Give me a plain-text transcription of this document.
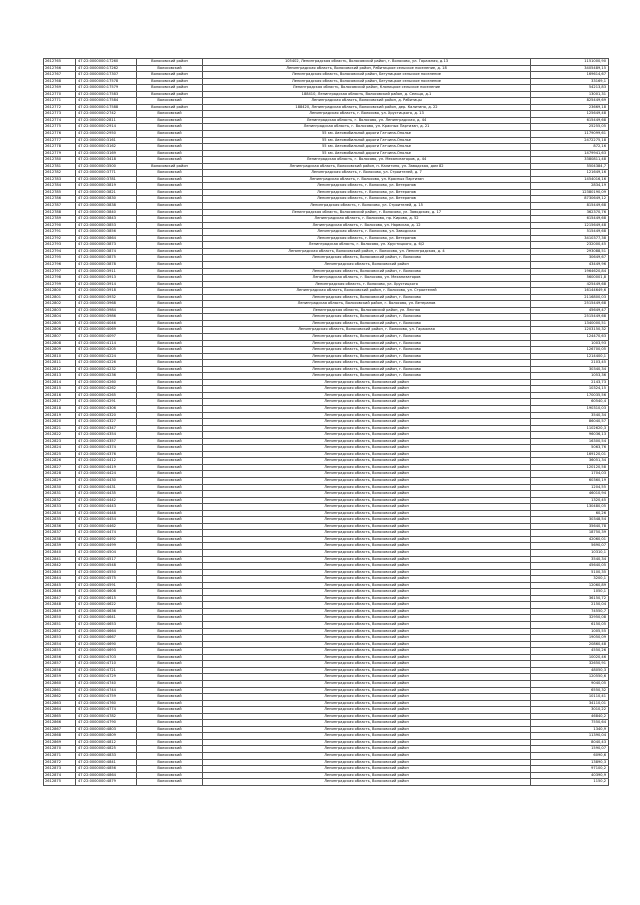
2612765	47:22:0000000:17260	Волосовский район	105402, Ленинградская область, Волосовский район, г. Волосово, ул. Гаражная, д.13	1151000,90
2612766	47:22:0000000:17262	Волосовский	Ленинградская область, Волосовский район, Рабитицкое сельское поселение, д. 18	3405489,15
2612767	47:22:0000000:17307	Волосовский район	Ленинградская область, Волосовский район, Бегуницкое сельское поселение	169614,67
2612768	47:22:0000000:17578	Волосовский район	Ленинградская область, Волосовский район, Бегуницкое сельское поселение	33169,1
2612769	47:22:0000000:17579	Волосовский район	Ленинградская область, Волосовский район, Клопицкое сельское поселение	54213,83
2612770	47:22:0000000:17583	Волосовский район	188410, Ленинградская область, Волосовский район, д. Сельцо, д.1	13001,31
2612771	47:22:0000000:17584	Волосовский	Ленинградская область, Волосовский район, д. Рабитицы	825449,69
2612772	47:22:0000000:17588	Волосовский район	188420, Ленинградская область, Волосовский район, дер. Калитино, д. 22	23669,18
2612773	47:22:0000000:2742	Волосовский	Ленинградская область, г. Волосово, ул. Хрустицкого, д. 13	125649,48
2612774	47:22:0000000:2811	Волосовский	Ленинградская область, г. Волосово, ул. Ленинградская, д. 44	615449,68
2612775	47:22:0000000:2914	Волосовский	Ленинградская область, г. Волосово, ул. Красных Партизан, д. 21	25255,05
2612776	47:22:0000000:2950	Волосовский	55 км. Автомобильной дороги Гатчина-Ополье	1179099,61
2612777	47:22:0000000:3161	Волосовский	55 км. Автомобильной дороги Гатчина-Ополье	2472275,18
2612778	47:22:0000000:3162	Волосовский	55 км. Автомобильной дороги Гатчина-Ополье	872,16
2612779	47:22:0000000:3169	Волосовский	55 км. Автомобильной дороги Гатчина-Ополье	1479941,63
2612780	47:22:0000000:3418	Волосовский	Ленинградская область, г. Волосово, ул. Механизаторов, д. 44	3380811,48
2612781	47:22:0000000:3500	Волосовский район	Ленинградская область, Волосовский район, п. Калитино, ул. Заводская, дом 82	5504384,7
2612782	47:22:0000000:3771	Волосовский	Ленинградская область, г. Волосово, ул. Строителей, д. 7	121649,16
2612783	47:22:0000000:3781	Волосовский	Ленинградская область, г. Волосово, ул. Красных Партизан	1454016,16
2612784	47:22:0000000:3819	Волосовский	Ленинградская область, г. Волосово, ул. Ветеранов	2834,19
2612785	47:22:0000000:3821	Волосовский	Ленинградская область, г. Волосово, ул. Ветеранов	12380190,09
2612786	47:22:0000000:3830	Волосовский	Ленинградская область, г. Волосово, ул. Ветеранов	8730649,12
2612787	47:22:0000000:3838	Волосовский	Ленинградская область, г. Волосово, ул. Строителей, д. 15	815449,68
2612788	47:22:0000000:3840	Волосовский	Ленинградская область, Волосовский район, г. Волосово, ул. Заводская, д. 17	362370,76
2612789	47:22:0000000:3843	Волосовский	Ленинградская область, г. Волосово, пр. Кирова, д. 52	615449,68
2612790	47:22:0000000:3853	Волосовский	Ленинградская область, г. Волосово, ул. Нарвская, д. 12	1215649,48
2612791	47:22:0000000:3856	Волосовский	Ленинградская область, г. Волосово, ул. Заводская	515449,68
2612792	47:22:0000000:3864	Волосовский	Ленинградская область, г. Волосово, ул. Ветеранов	3410377,38
2612793	47:22:0000000:3873	Волосовский	Ленинградская область, г. Волосово, ул. Хрустицкого, д. 6/2	232000,45
2612794	47:22:0000000:3874	Волосовский	Ленинградская область, Волосовский район, г. Волосово, ул. Ленинградская, д. 4	293088,51
2612795	47:22:0000000:3875	Волосовский	Ленинградская область, Волосовский район, г. Волосово	30649,67
2612796	47:22:0000000:3878	Волосовский	Ленинградская область, Волосовский район	43449,96
2612797	47:22:0000000:3911	Волосовский	Ленинградская область, Волосовский район, г. Волосово	1964620,84
2612798	47:22:0000000:3913	Волосовский	Ленинградская область, г. Волосово, ул. Механизаторов	5600001,8
2612799	47:22:0000000:3914	Волосовский	Ленинградская область, г. Волосово, ул. Хрустицкого	425449,68
2612800	47:22:0000000:3918	Волосовский	Ленинградская область, Волосовский район, г. Волосово, ул. Строителей	16144649,6
2612801	47:22:0000000:3932	Волосовский	Ленинградская область, Волосовский район, г. Волосово	2116800,03
2612802	47:22:0000000:3968	Волосовский	Ленинградская область, Волосовский район, г. Волосово, ул. Ветеранов	2515449,68
2612803	47:22:0000000:3984	Волосовский	Ленинградская область, Волосовский район, ул. Лесная	45649,47
2612804	47:22:0000000:3986	Волосовский	Ленинградская область, Волосовский район, г. Волосово	2515449,68
2612805	47:22:0000000:4046	Волосовский	Ленинградская область, Волосовский район, г. Волосово	1340000,51
2612806	47:22:0000000:4069	Волосовский	Ленинградская область, Волосовский район, г. Волосово, ул. Гаражная	1203150,32
2612807	47:22:0000000:4097	Волосовский	Ленинградская область, Волосовский район, г. Волосово	124470,63
2612808	47:22:0000000:4114	Волосовский	Ленинградская область, Волосовский район, г. Волосово	1003,93
2612809	47:22:0000000:4205	Волосовский	Ленинградская область, Волосовский район, г. Волосово	126700,05
2612810	47:22:0000000:4224	Волосовский	Ленинградская область, Волосовский район, г. Волосово	1214400,1
2612811	47:22:0000000:4226	Волосовский	Ленинградская область, Волосовский район, г. Волосово	2103,45
2612812	47:22:0000000:4232	Волосовский	Ленинградская область, Волосовский район, г. Волосово	30340,34
2612813	47:22:0000000:4236	Волосовский	Ленинградская область, Волосовский район, г. Волосово	1053,36
2612814	47:22:0000000:4260	Волосовский	Ленинградская область, Волосовский район	2143,73
2612815	47:22:0000000:4262	Волосовский	Ленинградская область, Волосовский район	10324,15
2612816	47:22:0000000:4265	Волосовский	Ленинградская область, Волосовский район	170035,56
2612817	47:22:0000000:4291	Волосовский	Ленинградская область, Волосовский район	60540,4
2612818	47:22:0000000:4306	Волосовский	Ленинградская область, Волосовский район	190310,03
2612819	47:22:0000000:4320	Волосовский	Ленинградская область, Волосовский район	3540,34
2612820	47:22:0000000:4327	Волосовский	Ленинградская область, Волосовский район	86040,57
2612821	47:22:0000000:4347	Волосовский	Ленинградская область, Волосовский район	1102620,3
2612822	47:22:0000000:4354	Волосовский	Ленинградская область, Волосовский район	96036,13
2612823	47:22:0000000:4357	Волосовский	Ленинградская область, Волосовский район	16300,54
2612824	47:22:0000000:4374	Волосовский	Ленинградская область, Волосовский район	5063,76
2612825	47:22:0000000:4376	Волосовский	Ленинградская область, Волосовский район	169120,01
2612826	47:22:0000000:4412	Волосовский	Ленинградская область, Волосовский район	36051,34
2612827	47:22:0000000:4419	Волосовский	Ленинградская область, Волосовский район	120120,58
2612828	47:22:0000000:4424	Волосовский	Ленинградская область, Волосовский район	1704,03
2612829	47:22:0000000:4430	Волосовский	Ленинградская область, Волосовский район	60360,19
2612830	47:22:0000000:4431	Волосовский	Ленинградская область, Волосовский район	1204,55
2612831	47:22:0000000:4435	Волосовский	Ленинградская область, Волосовский район	46010,94
2612832	47:22:0000000:4442	Волосовский	Ленинградская область, Волосовский район	1320,45
2612833	47:22:0000000:4443	Волосовский	Ленинградская область, Волосовский район	130480,05
2612834	47:22:0000000:4448	Волосовский	Ленинградская область, Волосовский район	60,26
2612835	47:22:0000000:4454	Волосовский	Ленинградская область, Волосовский район	30348,54
2612836	47:22:0000000:4462	Волосовский	Ленинградская область, Волосовский район	35640,78
2612837	47:22:0000000:4474	Волосовский	Ленинградская область, Волосовский район	18750,39
2612838	47:22:0000000:4492	Волосовский	Ленинградская область, Волосовский район	42060,01
2612839	47:22:0000000:4499	Волосовский	Ленинградская область, Волосовский район	5690,07
2612840	47:22:0000000:4504	Волосовский	Ленинградская область, Волосовский район	10310,1
2612841	47:22:0000000:4517	Волосовский	Ленинградская область, Волосовский район	3540,34
2612842	47:22:0000000:4548	Волосовский	Ленинградская область, Волосовский район	45640,05
2612843	47:22:0000000:4550	Волосовский	Ленинградская область, Волосовский район	5100,35
2612844	47:22:0000000:4575	Волосовский	Ленинградская область, Волосовский район	3200,1
2612845	47:22:0000000:4591	Волосовский	Ленинградская область, Волосовский район	12060,89
2612846	47:22:0000000:4608	Волосовский	Ленинградская область, Волосовский район	1050,1
2612847	47:22:0000000:4615	Волосовский	Ленинградская область, Волосовский район	36150,72
2612848	47:22:0000000:4622	Волосовский	Ленинградская область, Волосовский район	2150,04
2612849	47:22:0000000:4636	Волосовский	Ленинградская область, Волосовский район	74550,7
2612850	47:22:0000000:4641	Волосовский	Ленинградская область, Волосовский район	32950,08
2612851	47:22:0000000:4653	Волосовский	Ленинградская область, Волосовский район	6150,05
2612852	47:22:0000000:4664	Волосовский	Ленинградская область, Волосовский район	1005,55
2612853	47:22:0000000:4667	Волосовский	Ленинградская область, Волосовский район	19050,09
2612854	47:22:0000000:4690	Волосовский	Ленинградская область, Волосовский район	20860,48
2612855	47:22:0000000:4693	Волосовский	Ленинградская область, Волосовский район	4550,26
2612856	47:22:0000000:4703	Волосовский	Ленинградская область, Волосовский район	10020,46
2612857	47:22:0000000:4710	Волосовский	Ленинградская область, Волосовский район	32650,91
2612858	47:22:0000000:4721	Волосовский	Ленинградская область, Волосовский район	48050,3
2612859	47:22:0000000:4729	Волосовский	Ленинградская область, Волосовский район	120550,6
2612860	47:22:0000000:4740	Волосовский	Ленинградская область, Волосовский район	9040,05
2612861	47:22:0000000:4744	Волосовский	Ленинградская область, Волосовский район	6550,32
2612862	47:22:0000000:4759	Волосовский	Ленинградская область, Волосовский район	10110,41
2612863	47:22:0000000:4760	Волосовский	Ленинградская область, Волосовский район	34110,01
2612864	47:22:0000000:4774	Волосовский	Ленинградская область, Волосовский район	3010,22
2612865	47:22:0000000:4782	Волосовский	Ленинградская область, Волосовский район	46840,2
2612866	47:22:0000000:4790	Волосовский	Ленинградская область, Волосовский район	7550,64
2612867	47:22:0000000:4803	Волосовский	Ленинградская область, Волосовский район	1340,9
2612868	47:22:0000000:4809	Волосовский	Ленинградская область, Волосовский район	11390,04
2612869	47:22:0000000:4812	Волосовский	Ленинградская область, Волосовский район	8040,43
2612870	47:22:0000000:4825	Волосовский	Ленинградская область, Волосовский район	1590,07
2612871	47:22:0000000:4833	Волосовский	Ленинградская область, Волосовский район	6090,6
2612872	47:22:0000000:4841	Волосовский	Ленинградская область, Волосовский район	13890,3
2612873	47:22:0000000:4856	Волосовский	Ленинградская область, Волосовский район	97100,2
2612874	47:22:0000000:4864	Волосовский	Ленинградская область, Волосовский район	40390,9
2612875	47:22:0000000:4879	Волосовский	Ленинградская область, Волосовский район	1150,2
